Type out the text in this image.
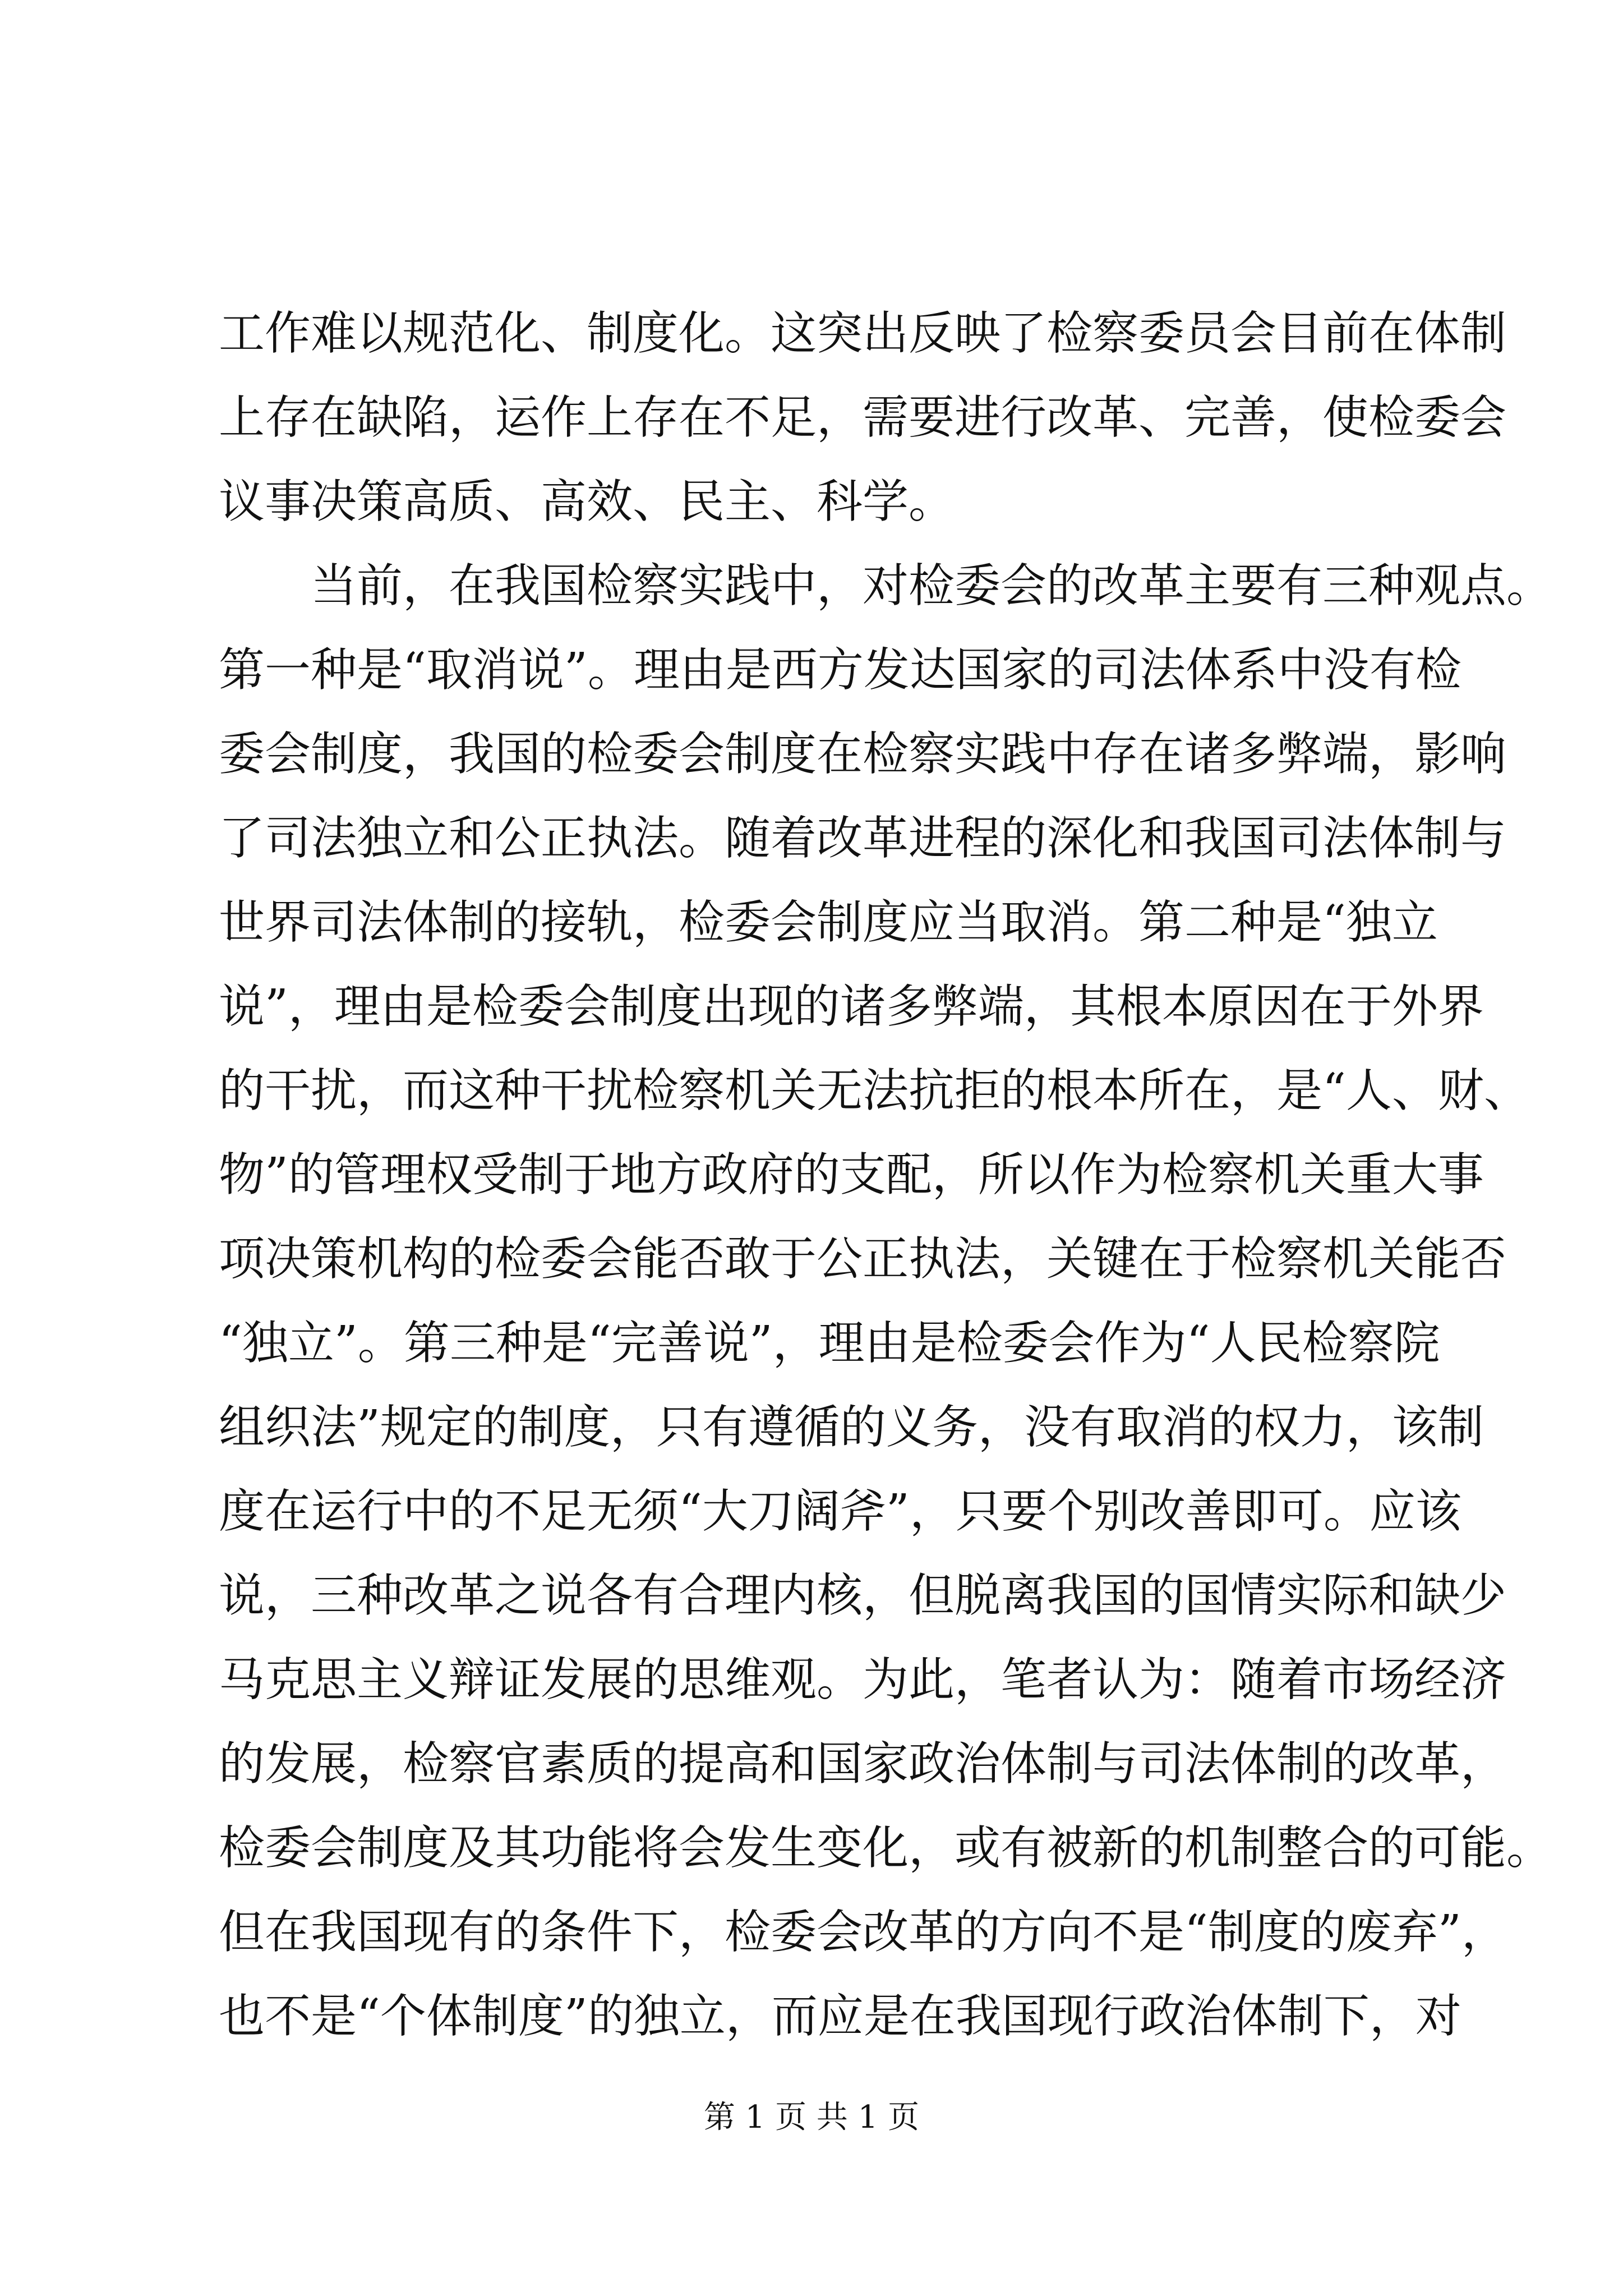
工作难以规范化、制度化。这突出反映了检察委员会目前在体制
上存在缺陷，运作上存在不足，需要进行改革、完善，使检委会
议事决策高质、高效、民主、科学。
当前，在我国检察实践中，对检委会的改革主要有三种观点。
第一种是“取消说”。理由是西方发达国家的司法体系中没有检
委会制度，我国的检委会制度在检察实践中存在诸多弊端，影响
了司法独立和公正执法。随着改革进程的深化和我国司法体制与
世界司法体制的接轨，检委会制度应当取消。第二种是“独立
说”，理由是检委会制度出现的诸多弊端，其根本原因在于外界
的干扰，而这种干扰检察机关无法抗拒的根本所在，是“人、财、
物”的管理权受制于地方政府的支配，所以作为检察机关重大事
项决策机构的检委会能否敢于公正执法，关键在于检察机关能否
“独立”。第三种是“完善说”，理由是检委会作为“人民检察院
组织法”规定的制度，只有遵循的义务，没有取消的权力，该制
度在运行中的不足无须“大刀阔斧”，只要个别改善即可。应该
说，三种改革之说各有合理内核，但脱离我国的国情实际和缺少
马克思主义辩证发展的思维观。为此，笔者认为：随着市场经济
的发展，检察官素质的提高和国家政治体制与司法体制的改革，
检委会制度及其功能将会发生变化，或有被新的机制整合的可能。
但在我国现有的条件下，检委会改革的方向不是“制度的废弃”，
也不是“个体制度”的独立，而应是在我国现行政治体制下，对
第 1 页 共 1 页
